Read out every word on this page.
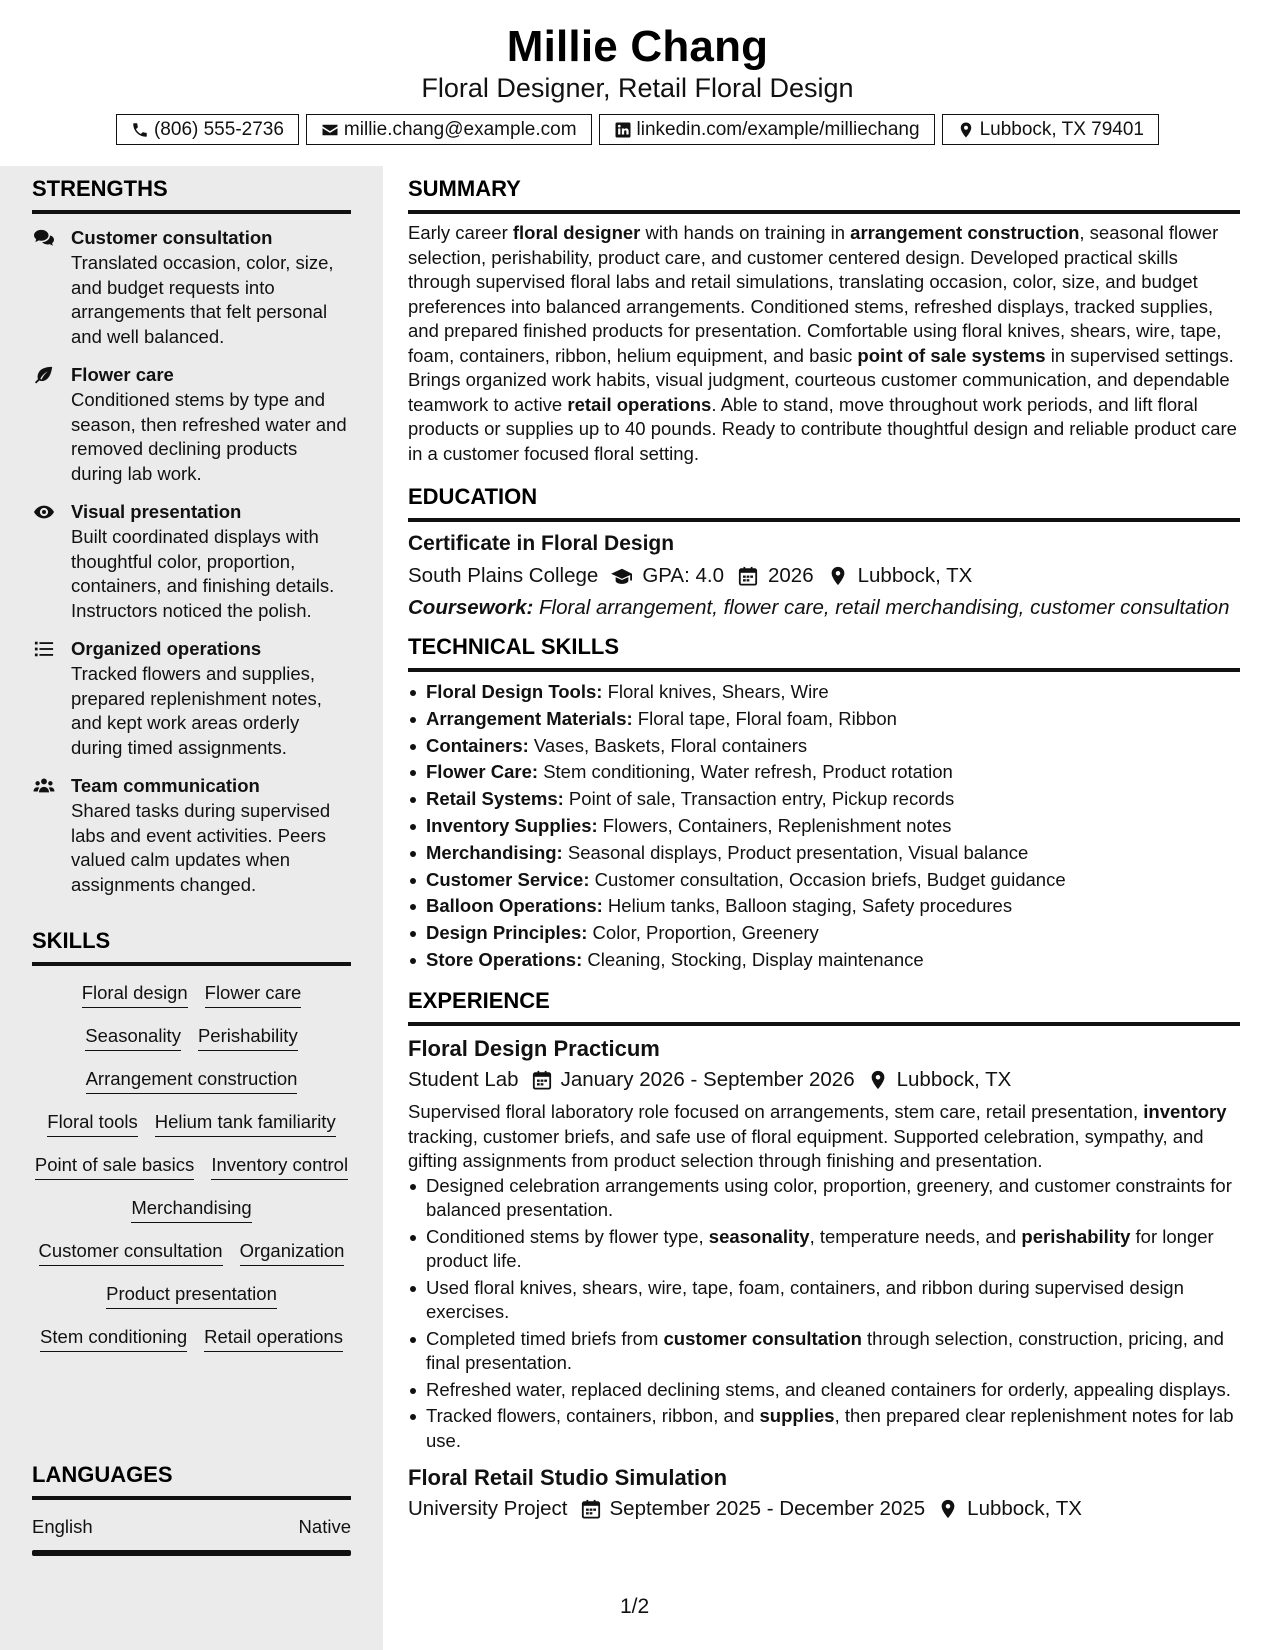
Millie Chang
Floral Designer, Retail Floral Design
(806) 555-2736	millie.chang@example.com	linkedin.com/example/milliechang	Lubbock, TX 79401
STRENGTHS
Customer consultation
Translated occasion, color, size, and budget requests into arrangements that felt personal and well balanced.
Flower care
Conditioned stems by type and season, then refreshed water and removed declining products during lab work.
Visual presentation
Built coordinated displays with thoughtful color, proportion, containers, and finishing details. Instructors noticed the polish.
Organized operations
Tracked flowers and supplies, prepared replenishment notes, and kept work areas orderly during timed assignments.
Team communication
Shared tasks during supervised labs and event activities. Peers valued calm updates when assignments changed.
SKILLS
Floral design Flower care
Seasonality Perishability
Arrangement construction
Floral tools Helium tank familiarity
Point of sale basics Inventory control
Merchandising
Customer consultation Organization
Product presentation
Stem conditioning Retail operations
LANGUAGES
English	Native
SUMMARY
Early career floral designer with hands on training in arrangement construction, seasonal flower selection, perishability, product care, and customer centered design. Developed practical skills through supervised floral labs and retail simulations, translating occasion, color, size, and budget preferences into balanced arrangements. Conditioned stems, refreshed displays, tracked supplies, and prepared finished products for presentation. Comfortable using floral knives, shears, wire, tape, foam, containers, ribbon, helium equipment, and basic point of sale systems in supervised settings. Brings organized work habits, visual judgment, courteous customer communication, and dependable teamwork to active retail operations. Able to stand, move throughout work periods, and lift floral products or supplies up to 40 pounds. Ready to contribute thoughtful design and reliable product care in a customer focused floral setting.
EDUCATION
Certificate in Floral Design
South Plains College GPA: 4.0 2026 Lubbock, TX
Coursework: Floral arrangement, flower care, retail merchandising, customer consultation
TECHNICAL SKILLS
Floral Design Tools: Floral knives, Shears, Wire
Arrangement Materials: Floral tape, Floral foam, Ribbon
Containers: Vases, Baskets, Floral containers
Flower Care: Stem conditioning, Water refresh, Product rotation
Retail Systems: Point of sale, Transaction entry, Pickup records
Inventory Supplies: Flowers, Containers, Replenishment notes
Merchandising: Seasonal displays, Product presentation, Visual balance
Customer Service: Customer consultation, Occasion briefs, Budget guidance
Balloon Operations: Helium tanks, Balloon staging, Safety procedures
Design Principles: Color, Proportion, Greenery
Store Operations: Cleaning, Stocking, Display maintenance
EXPERIENCE
Floral Design Practicum
Student Lab January 2026 - September 2026 Lubbock, TX
Supervised floral laboratory role focused on arrangements, stem care, retail presentation, inventory tracking, customer briefs, and safe use of floral equipment. Supported celebration, sympathy, and gifting assignments from product selection through finishing and presentation.
Designed celebration arrangements using color, proportion, greenery, and customer constraints for balanced presentation.
Conditioned stems by flower type, seasonality, temperature needs, and perishability for longer product life.
Used floral knives, shears, wire, tape, foam, containers, and ribbon during supervised design exercises.
Completed timed briefs from customer consultation through selection, construction, pricing, and final presentation.
Refreshed water, replaced declining stems, and cleaned containers for orderly, appealing displays.
Tracked flowers, containers, ribbon, and supplies, then prepared clear replenishment notes for lab use.
Floral Retail Studio Simulation
University Project September 2025 - December 2025 Lubbock, TX
1/2
